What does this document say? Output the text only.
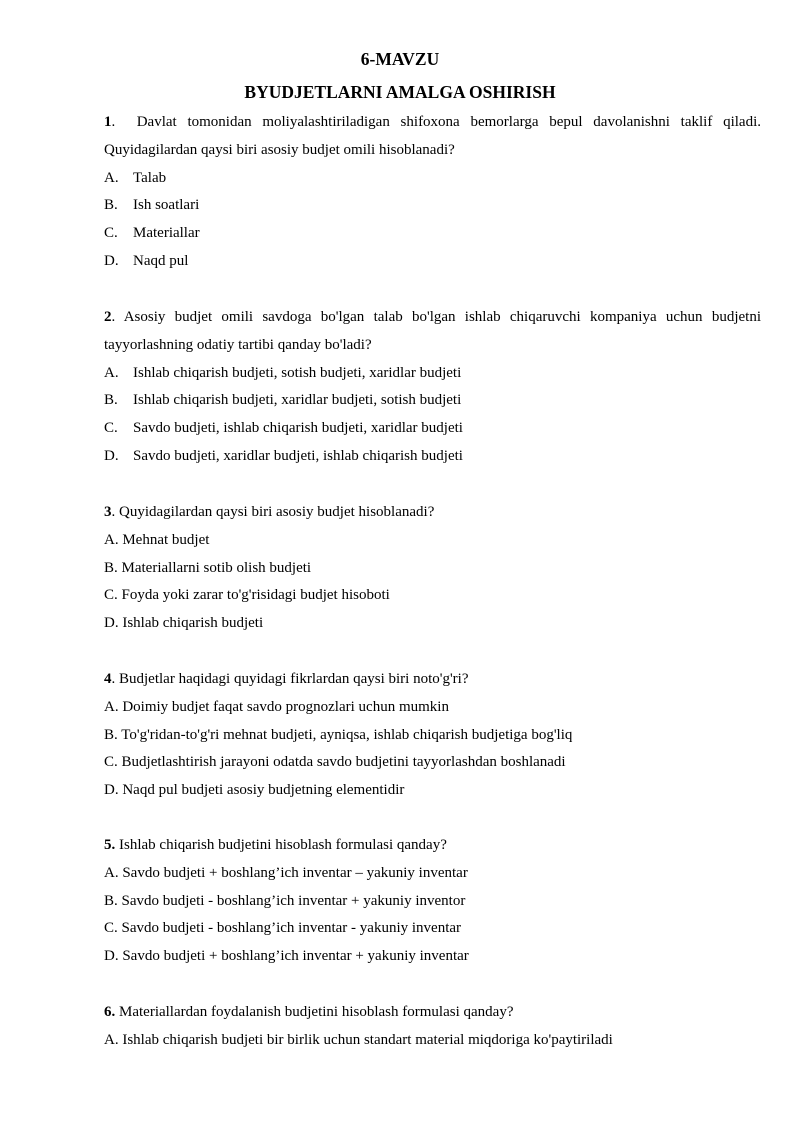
6-MAVZU
BYUDJETLARNI AMALGA OSHIRISH
1.  Davlat tomonidan moliyalashtiriladigan shifoxona bemorlarga bepul davolanishni taklif qiladi. Quyidagilardan qaysi biri asosiy budjet omili hisoblanadi?
A. Talab
B. Ish soatlari
C. Materiallar
D. Naqd pul
2. Asosiy budjet omili savdoga bo'lgan talab bo'lgan ishlab chiqaruvchi kompaniya uchun budjetni tayyorlashning odatiy tartibi qanday bo'ladi?
A. Ishlab chiqarish budjeti, sotish budjeti, xaridlar budjeti
B. Ishlab chiqarish budjeti, xaridlar budjeti, sotish budjeti
C. Savdo budjeti, ishlab chiqarish budjeti, xaridlar budjeti
D. Savdo budjeti, xaridlar budjeti, ishlab chiqarish budjeti
3. Quyidagilardan qaysi biri asosiy budjet hisoblanadi?
A. Mehnat budjet
B. Materiallarni sotib olish budjeti
C. Foyda yoki zarar to'g'risidagi budjet hisoboti
D. Ishlab chiqarish budjeti
4. Budjetlar haqidagi quyidagi fikrlardan qaysi biri noto'g'ri?
A. Doimiy budjet faqat savdo prognozlari uchun mumkin
B. To'g'ridan-to'g'ri mehnat budjeti, ayniqsa, ishlab chiqarish budjetiga bog'liq
C. Budjetlashtirish jarayoni odatda savdo budjetini tayyorlashdan boshlanadi
D. Naqd pul budjeti asosiy budjetning elementidir
5. Ishlab chiqarish budjetini hisoblash formulasi qanday?
A. Savdo budjeti + boshlang’ich inventar – yakuniy inventar
B. Savdo budjeti - boshlang’ich inventar + yakuniy inventor
C. Savdo budjeti - boshlang’ich inventar - yakuniy inventar
D. Savdo budjeti + boshlang’ich inventar + yakuniy inventar
6. Materiallardan foydalanish budjetini hisoblash formulasi qanday?
A. Ishlab chiqarish budjeti bir birlik uchun standart material miqdoriga ko'paytiriladi
